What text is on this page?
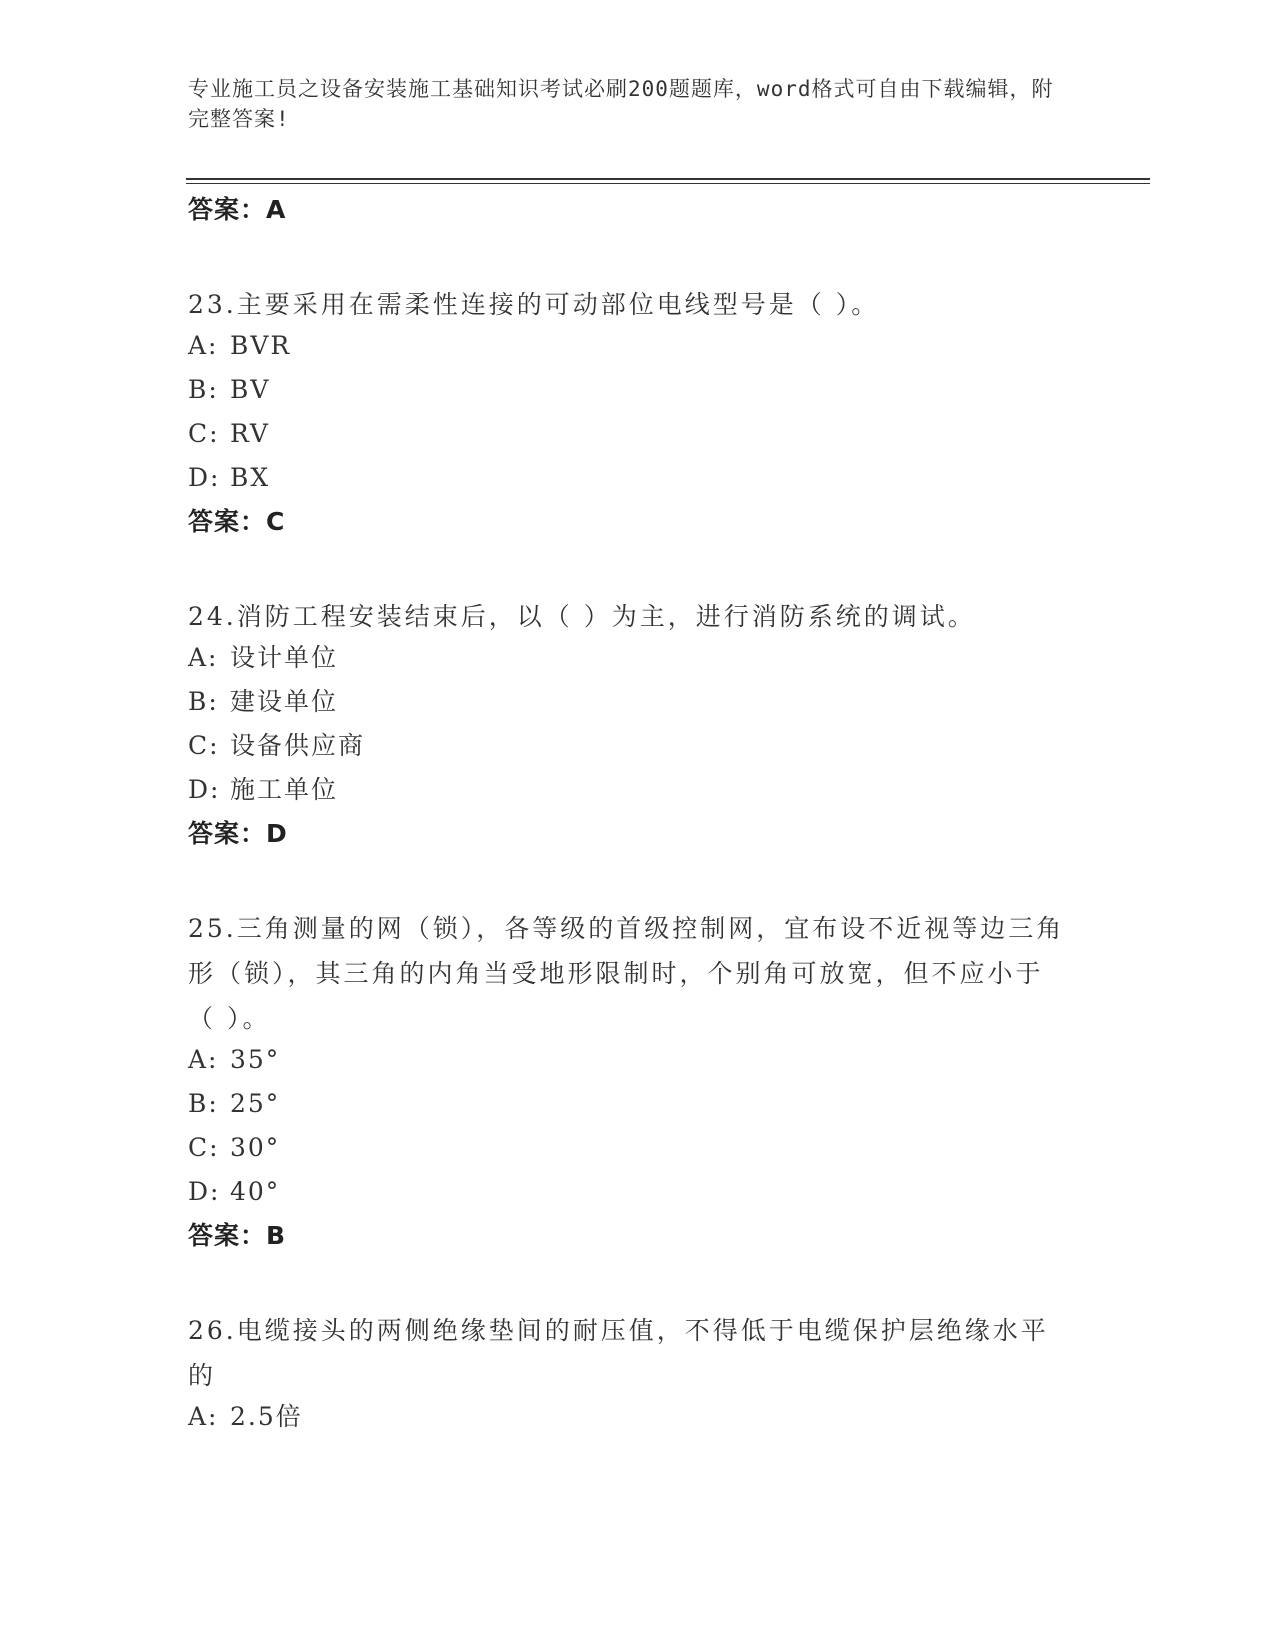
专业施工员之设备安装施工基础知识考试必刷200题题库，word格式可自由下载编辑，附完整答案!
答案：A
23.主要采用在需柔性连接的可动部位电线型号是（ ）。
A: BVR
B: BV
C: RV
D: BX
答案：C
24.消防工程安装结束后，以（ ）为主，进行消防系统的调试。
A: 设计单位
B: 建设单位
C: 设备供应商
D: 施工单位
答案：D
25.三角测量的网（锁），各等级的首级控制网，宜布设不近视等边三角形（锁），其三角的内角当受地形限制时，个别角可放宽，但不应小于（ ）。
A: 35°
B: 25°
C: 30°
D: 40°
答案：B
26.电缆接头的两侧绝缘垫间的耐压值，不得低于电缆保护层绝缘水平的
A: 2.5倍
